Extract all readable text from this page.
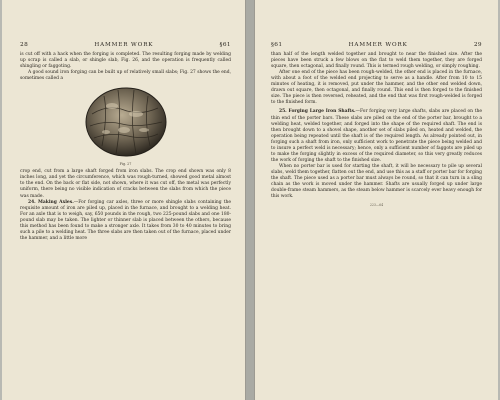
28	HAMMER WORK	§61

is cut off with a hack when the forging is completed. The resulting forging made by welding up scrap is called a slab, or shingle slab, Fig. 26, and the operation is frequently called shingling or faggoting.

A good sound iron forging can be built up of relatively small slabs; Fig. 27 shows the end, sometimes called a

Fig. 27

crop end, cut from a large shaft forged from iron slabs. The crop end shown was only 8 inches long, and yet the circumference, which was rough-turned, showed good metal almost to the end. On the back or flat side, not shown, where it was cut off, the metal was perfectly uniform, there being no visible indication of cracks between the slabs from which the piece was made.

24. Making Axles.—For forging car axles, three or more shingle slabs containing the requisite amount of iron are piled up, placed in the furnace, and brought to a welding heat. For an axle that is to weigh, say, 650 pounds in the rough, two 225-pound slabs and one 180-pound slab may be taken. The lighter or thinner slab is placed between the others, because this method has been found to make a stronger axle. It takes from 30 to 40 minutes to bring such a pile to a welding heat. The three slabs are then taken out of the furnace, placed under the hammer, and a little more

§61	HAMMER WORK	29

than half of the length welded together and brought to near the finished size. After the pieces have been struck a few blows on the flat to weld them together, they are forged square, then octagonal, and finally round. This is termed rough welding, or simply roughing.

After one end of the piece has been rough-welded, the other end is placed in the furnace, with about a foot of the welded end projecting to serve as a handle. After from 10 to 15 minutes of heating, it is removed, put under the hammer, and the other end welded down, drawn out square, then octagonal, and finally round. This end is then forged to the finished size. The piece is then reversed, reheated, and the end that was first rough-welded is forged to the finished form.

25. Forging Large Iron Shafts.—For forging very large shafts, slabs are placed on the thin end of the porter bars. These slabs are piled on the end of the porter bar, brought to a welding heat, welded together, and forged into the shape of the required shaft. The end is then brought down to a shovel shape, another set of slabs piled on, heated and welded, the operation being repeated until the shaft is of the required length. As already pointed out, in forging such a shaft from iron, only sufficient work to penetrate the piece being welded and to insure a perfect weld is necessary; hence, only a sufficient number of faggots are piled up to make the forging slightly in excess of the required diameter, so this very greatly reduces the work of forging the shaft to the finished size.

When no porter bar is used for starting the shaft, it will be necessary to pile up several slabs, weld them together, flatten out the end, and use this as a staff or porter bar for forging the shaft. The piece used as a porter bar must always be round, so that it can turn in a sling chain as the work is moved under the hammer. Shafts are usually forged up under large double-frame steam hammers, as the steam below hammer is scarcely ever heavy enough for this work.

223—64
